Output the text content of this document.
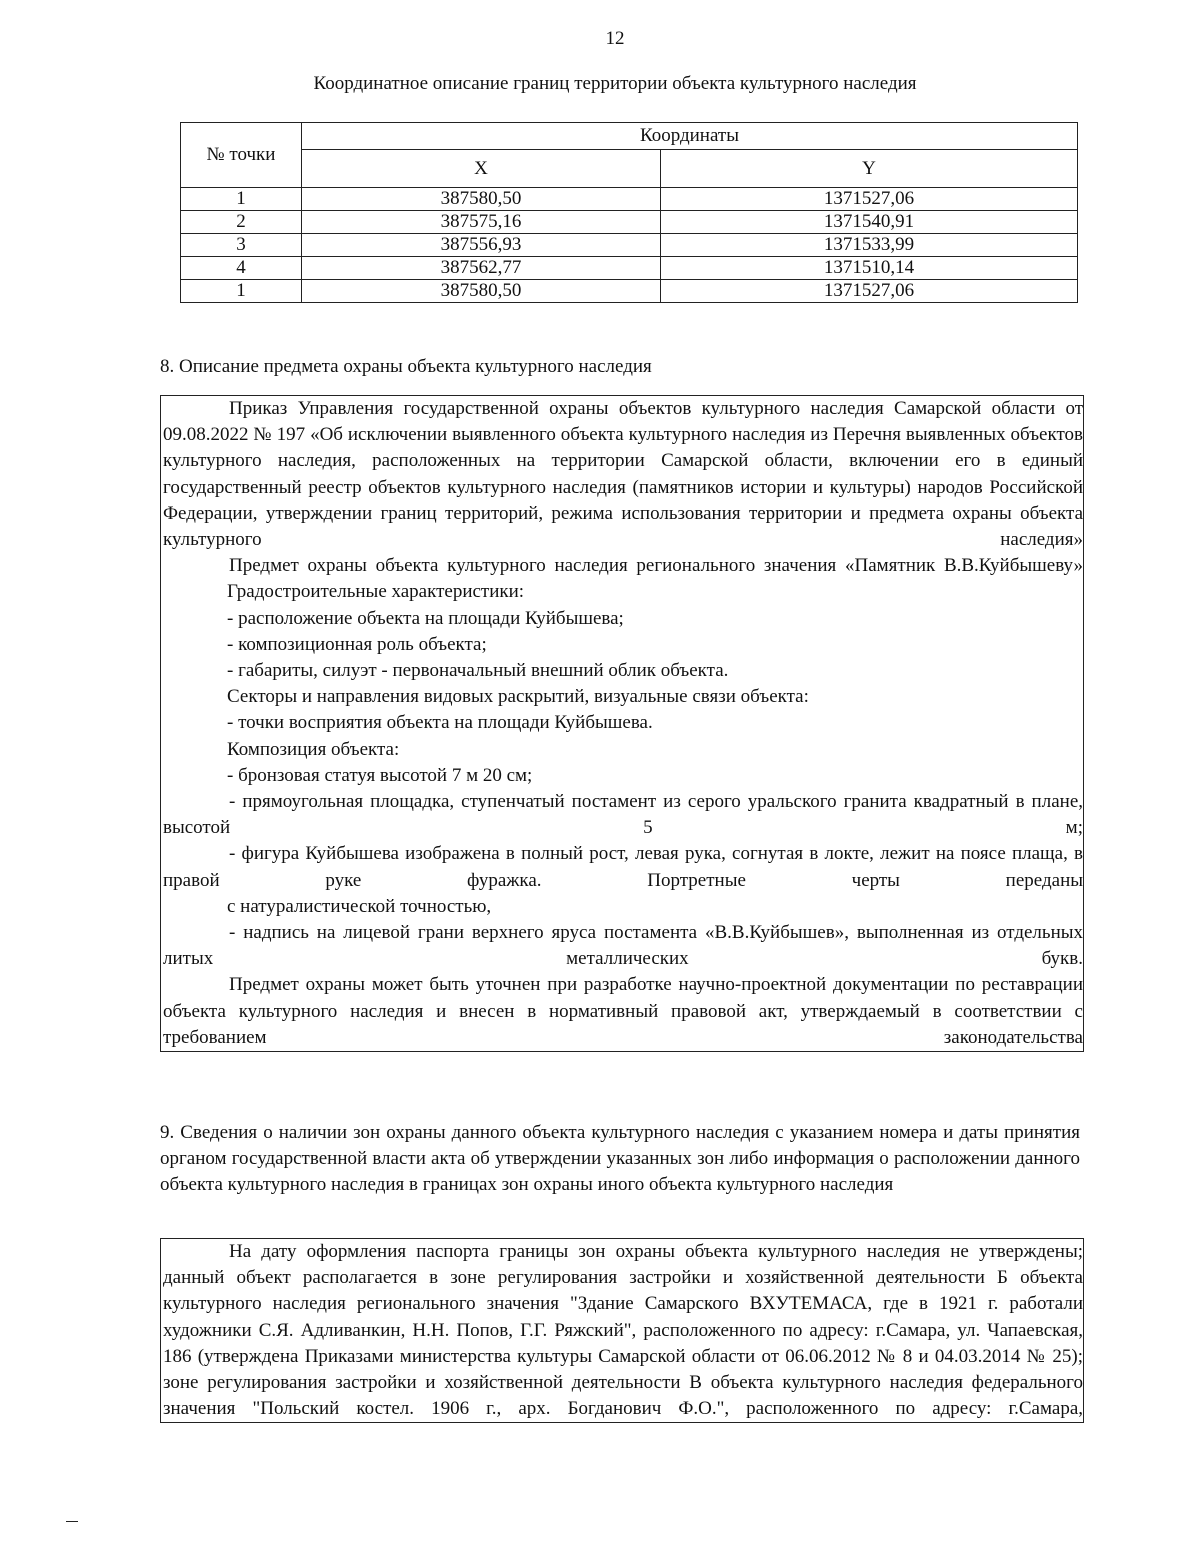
12
Координатное описание границ территории объекта культурного наследия
№ точки	Координаты	
	X	Y
1	387580,50	1371527,06
2	387575,16	1371540,91
3	387556,93	1371533,99
4	387562,77	1371510,14
1	387580,50	1371527,06
8. Описание предмета охраны объекта культурного наследия

Приказ Управления государственной охраны объектов культурного наследия Самарской области от 09.08.2022 № 197 «Об исключении выявленного объекта культурного наследия из Перечня выявленных объектов культурного наследия, расположенных на территории Самарской области, включении его в единый государственный реестр объектов культурного наследия (памятников истории и культуры) народов Российской Федерации, утверждении границ территорий, режима использования территории и предмета охраны объекта культурного наследия»

Предмет охраны объекта культурного наследия регионального значения «Памятник В.В.Куйбышеву»

Градостроительные характеристики:

- расположение объекта на площади Куйбышева;

- композиционная роль объекта;

- габариты, силуэт - первоначальный внешний облик объекта.

Секторы и направления видовых раскрытий, визуальные связи объекта:

- точки восприятия объекта на площади Куйбышева.

Композиция объекта:

- бронзовая статуя высотой 7 м 20 см;

- прямоугольная площадка, ступенчатый постамент из серого уральского гранита квадратный в плане, высотой 5 м;

- фигура Куйбышева изображена в полный рост, левая рука, согнутая в локте, лежит на поясе плаща, в правой руке фуражка. Портретные черты переданы

с натуралистической точностью,

- надпись на лицевой грани верхнего яруса постамента «В.В.Куйбышев», выполненная из отдельных литых металлических букв.

Предмет охраны может быть уточнен при разработке научно-проектной документации по реставрации объекта культурного наследия и внесен в нормативный правовой акт, утверждаемый в соответствии с требованием законодательства

9. Сведения о наличии зон охраны данного объекта культурного наследия с указанием номера и даты принятия органом государственной власти акта об утверждении указанных зон либо информация о расположении данного объекта культурного наследия в границах зон охраны иного объекта культурного наследия

На дату оформления паспорта границы зон охраны объекта культурного наследия не утверждены; данный объект располагается в зоне регулирования застройки и хозяйственной деятельности Б объекта культурного наследия регионального значения "Здание Самарского ВХУТЕМАСА, где в 1921 г. работали художники С.Я. Адливанкин, Н.Н. Попов, Г.Г. Ряжский", расположенного по адресу: г.Самара, ул. Чапаевская, 186 (утверждена Приказами министерства культуры Самарской области от 06.06.2012 № 8 и 04.03.2014 № 25); зоне регулирования застройки и хозяйственной деятельности В объекта культурного наследия федерального значения "Польский костел. 1906 г., арх. Богданович Ф.О.", расположенного по адресу: г.Самара,
